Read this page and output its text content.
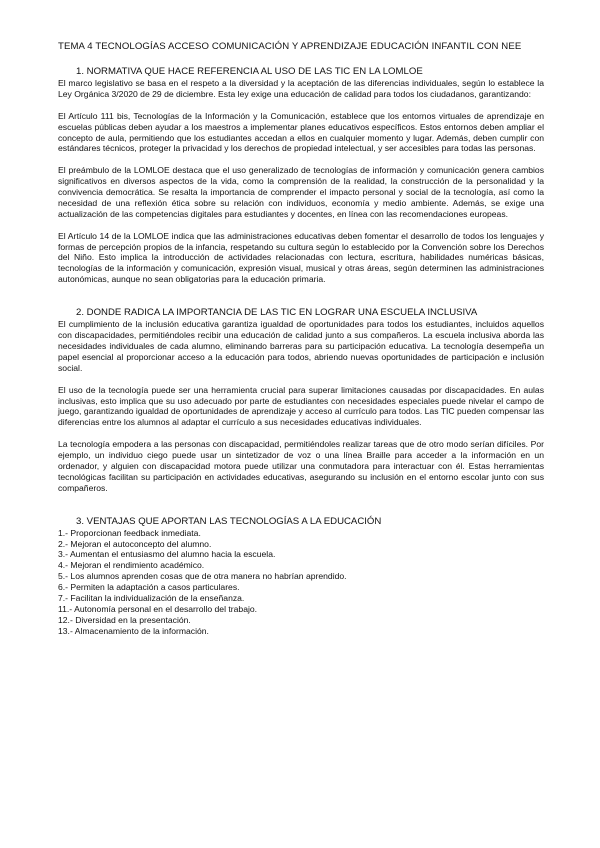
TEMA 4 TECNOLOGÍAS ACCESO COMUNICACIÓN Y APRENDIZAJE EDUCACIÓN INFANTIL CON NEE
1. NORMATIVA QUE HACE REFERENCIA AL USO DE LAS TIC EN LA LOMLOE

El marco legislativo se basa en el respeto a la diversidad y la aceptación de las diferencias individuales, según lo establece la Ley Orgánica 3/2020 de 29 de diciembre. Esta ley exige una educación de calidad para todos los ciudadanos, garantizando:

El Artículo 111 bis, Tecnologías de la Información y la Comunicación, establece que los entornos virtuales de aprendizaje en escuelas públicas deben ayudar a los maestros a implementar planes educativos específicos. Estos entornos deben ampliar el concepto de aula, permitiendo que los estudiantes accedan a ellos en cualquier momento y lugar. Además, deben cumplir con estándares técnicos, proteger la privacidad y los derechos de propiedad intelectual, y ser accesibles para todas las personas.

El preámbulo de la LOMLOE destaca que el uso generalizado de tecnologías de información y comunicación genera cambios significativos en diversos aspectos de la vida, como la comprensión de la realidad, la construcción de la personalidad y la convivencia democrática. Se resalta la importancia de comprender el impacto personal y social de la tecnología, así como la necesidad de una reflexión ética sobre su relación con individuos, economía y medio ambiente. Además, se exige una actualización de las competencias digitales para estudiantes y docentes, en línea con las recomendaciones europeas.

El Artículo 14 de la LOMLOE indica que las administraciones educativas deben fomentar el desarrollo de todos los lenguajes y formas de percepción propios de la infancia, respetando su cultura según lo establecido por la Convención sobre los Derechos del Niño. Esto implica la introducción de actividades relacionadas con lectura, escritura, habilidades numéricas básicas, tecnologías de la información y comunicación, expresión visual, musical y otras áreas, según determinen las administraciones autonómicas, aunque no sean obligatorias para la educación primaria.

2. DONDE RADICA LA IMPORTANCIA DE LAS TIC EN LOGRAR UNA ESCUELA INCLUSIVA

El cumplimiento de la inclusión educativa garantiza igualdad de oportunidades para todos los estudiantes, incluidos aquellos con discapacidades, permitiéndoles recibir una educación de calidad junto a sus compañeros. La escuela inclusiva aborda las necesidades individuales de cada alumno, eliminando barreras para su participación educativa. La tecnología desempeña un papel esencial al proporcionar acceso a la educación para todos, abriendo nuevas oportunidades de participación e inclusión social.

El uso de la tecnología puede ser una herramienta crucial para superar limitaciones causadas por discapacidades. En aulas inclusivas, esto implica que su uso adecuado por parte de estudiantes con necesidades especiales puede nivelar el campo de juego, garantizando igualdad de oportunidades de aprendizaje y acceso al currículo para todos. Las TIC pueden compensar las diferencias entre los alumnos al adaptar el currículo a sus necesidades educativas individuales.

La tecnología empodera a las personas con discapacidad, permitiéndoles realizar tareas que de otro modo serían difíciles. Por ejemplo, un individuo ciego puede usar un sintetizador de voz o una línea Braille para acceder a la información en un ordenador, y alguien con discapacidad motora puede utilizar una conmutadora para interactuar con él. Estas herramientas tecnológicas facilitan su participación en actividades educativas, asegurando su inclusión en el entorno escolar junto con sus compañeros.

3. VENTAJAS QUE APORTAN LAS TECNOLOGÍAS A LA EDUCACIÓN
1.- Proporcionan feedback inmediata.
2.- Mejoran el autoconcepto del alumno.
3.- Aumentan el entusiasmo del alumno hacia la escuela.
4.- Mejoran el rendimiento académico.
5.- Los alumnos aprenden cosas que de otra manera no habrían aprendido.
6.- Permiten la adaptación a casos particulares.
7.- Facilitan la individualización de la enseñanza.
11.- Autonomía personal en el desarrollo del trabajo.
12.- Diversidad en la presentación.
13.- Almacenamiento de la información.
